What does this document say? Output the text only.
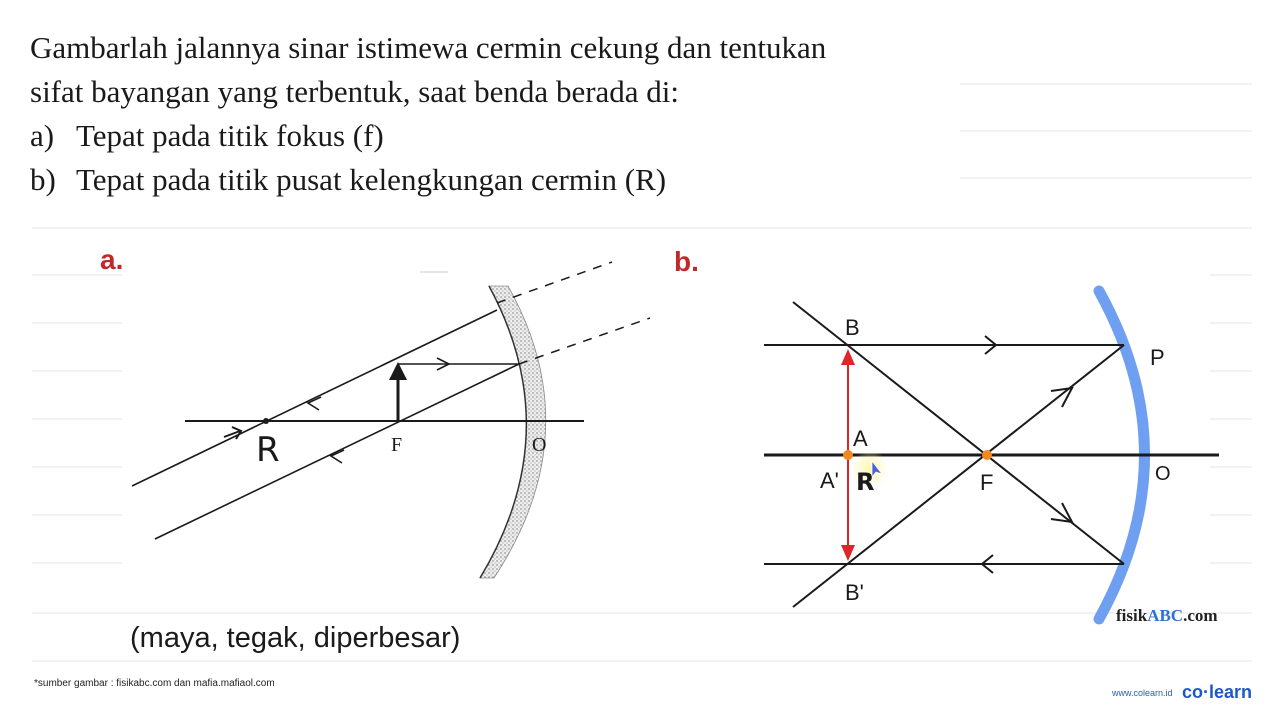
Gambarlah jalannya sinar istimewa cermin cekung dan tentukan
sifat bayangan yang terbentuk, saat benda berada di:
a) Tepat pada titik fokus (f)
b) Tepat pada titik pusat kelengkungan cermin (R)
R	F	O
B
P
A
A' R	F	O
B'
a.	b.
fisikABC.com
(maya, tegak, diperbesar)
*sumber gambar : fisikabc.com dan mafia.mafiaol.com
www.colearn.id co·learn
